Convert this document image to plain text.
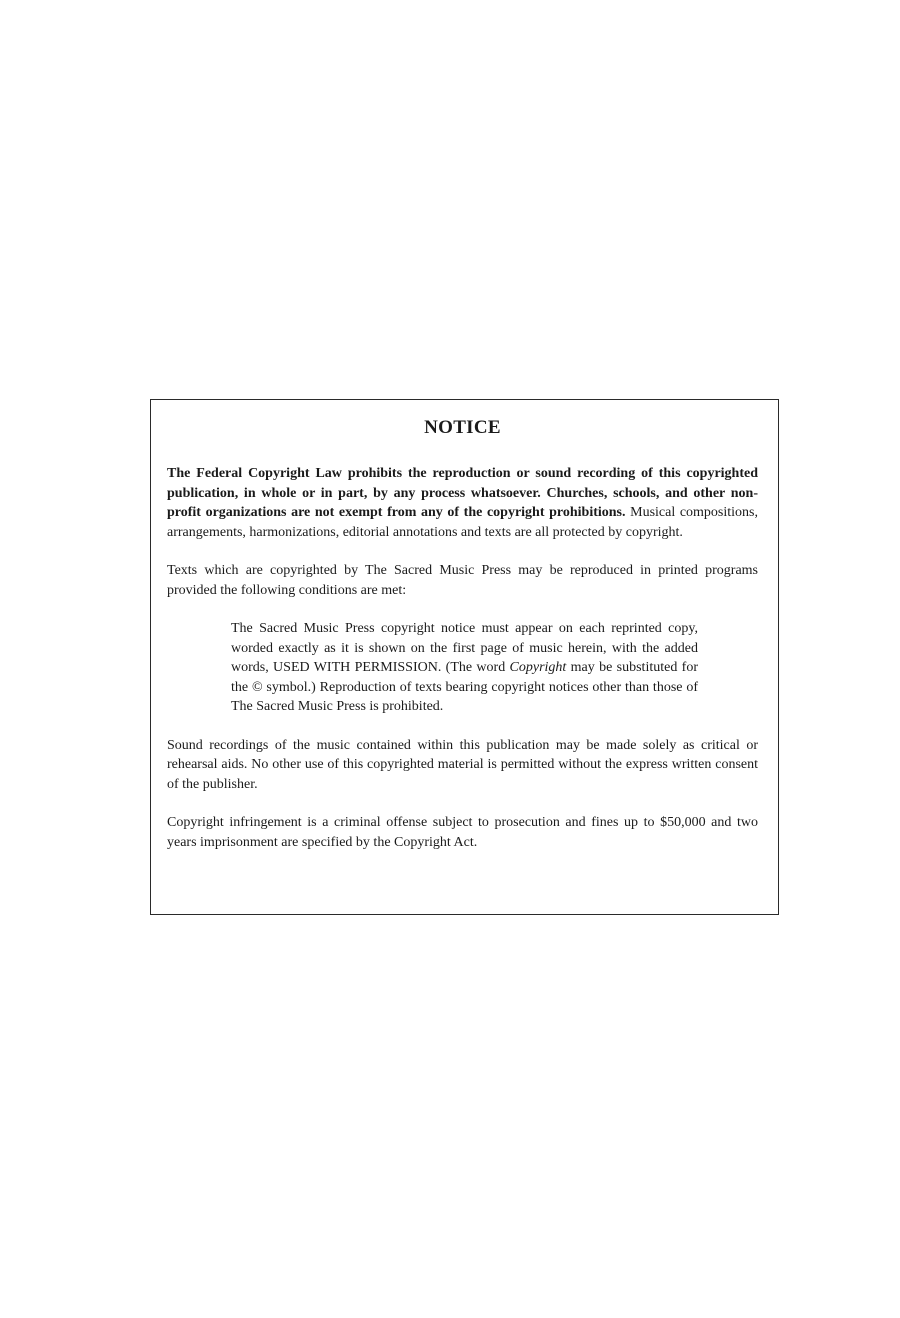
NOTICE

The Federal Copyright Law prohibits the reproduction or sound recording of this copyrighted publication, in whole or in part, by any process whatsoever. Churches, schools, and other non-profit organizations are not exempt from any of the copyright prohibitions. Musical compositions, arrangements, harmonizations, editorial annotations and texts are all protected by copyright.

Texts which are copyrighted by The Sacred Music Press may be reproduced in printed programs provided the following conditions are met:

The Sacred Music Press copyright notice must appear on each reprinted copy, worded exactly as it is shown on the first page of music herein, with the added words, USED WITH PERMISSION. (The word Copyright may be substituted for the © symbol.) Reproduction of texts bearing copyright notices other than those of The Sacred Music Press is prohibited.

Sound recordings of the music contained within this publication may be made solely as critical or rehearsal aids. No other use of this copyrighted material is permitted without the express written consent of the publisher.

Copyright infringement is a criminal offense subject to prosecution and fines up to $50,000 and two years imprisonment are specified by the Copyright Act.
